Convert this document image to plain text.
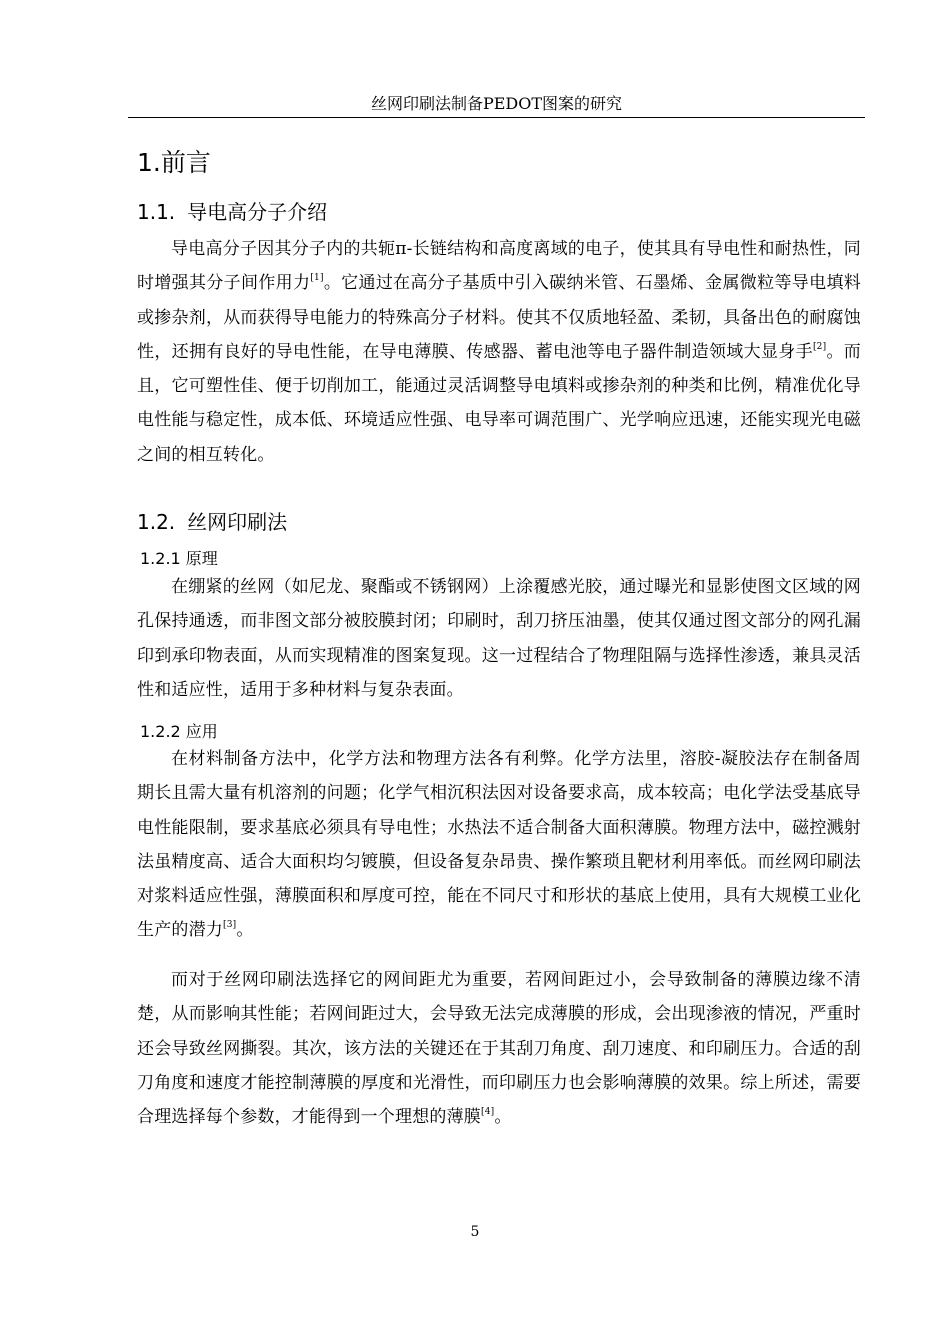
丝网印刷法制备PEDOT图案的研究
1.前言
1.1. 导电高分子介绍

导电高分子因其分子内的共轭π-长链结构和高度离域的电子，使其具有导电性和耐热性，同时增强其分子间作用力[1]。它通过在高分子基质中引入碳纳米管、石墨烯、金属微粒等导电填料或掺杂剂，从而获得导电能力的特殊高分子材料。使其不仅质地轻盈、柔韧，具备出色的耐腐蚀性，还拥有良好的导电性能，在导电薄膜、传感器、蓄电池等电子器件制造领域大显身手[2]。而且，它可塑性佳、便于切削加工，能通过灵活调整导电填料或掺杂剂的种类和比例，精准优化导电性能与稳定性，成本低、环境适应性强、电导率可调范围广、光学响应迅速，还能实现光电磁之间的相互转化。

1.2. 丝网印刷法
1.2.1 原理

在绷紧的丝网（如尼龙、聚酯或不锈钢网）上涂覆感光胶，通过曝光和显影使图文区域的网孔保持通透，而非图文部分被胶膜封闭；印刷时，刮刀挤压油墨，使其仅通过图文部分的网孔漏印到承印物表面，从而实现精准的图案复现。这一过程结合了物理阻隔与选择性渗透，兼具灵活性和适应性，适用于多种材料与复杂表面。

1.2.2 应用

在材料制备方法中，化学方法和物理方法各有利弊。化学方法里，溶胶-凝胶法存在制备周期长且需大量有机溶剂的问题；化学气相沉积法因对设备要求高，成本较高；电化学法受基底导电性能限制，要求基底必须具有导电性；水热法不适合制备大面积薄膜。物理方法中，磁控溅射法虽精度高、适合大面积均匀镀膜，但设备复杂昂贵、操作繁琐且靶材利用率低。而丝网印刷法对浆料适应性强，薄膜面积和厚度可控，能在不同尺寸和形状的基底上使用，具有大规模工业化生产的潜力[3]。

而对于丝网印刷法选择它的网间距尤为重要，若网间距过小，会导致制备的薄膜边缘不清楚，从而影响其性能；若网间距过大，会导致无法完成薄膜的形成，会出现渗液的情况，严重时还会导致丝网撕裂。其次，该方法的关键还在于其刮刀角度、刮刀速度、和印刷压力。合适的刮刀角度和速度才能控制薄膜的厚度和光滑性，而印刷压力也会影响薄膜的效果。综上所述，需要合理选择每个参数，才能得到一个理想的薄膜[4]。

5
